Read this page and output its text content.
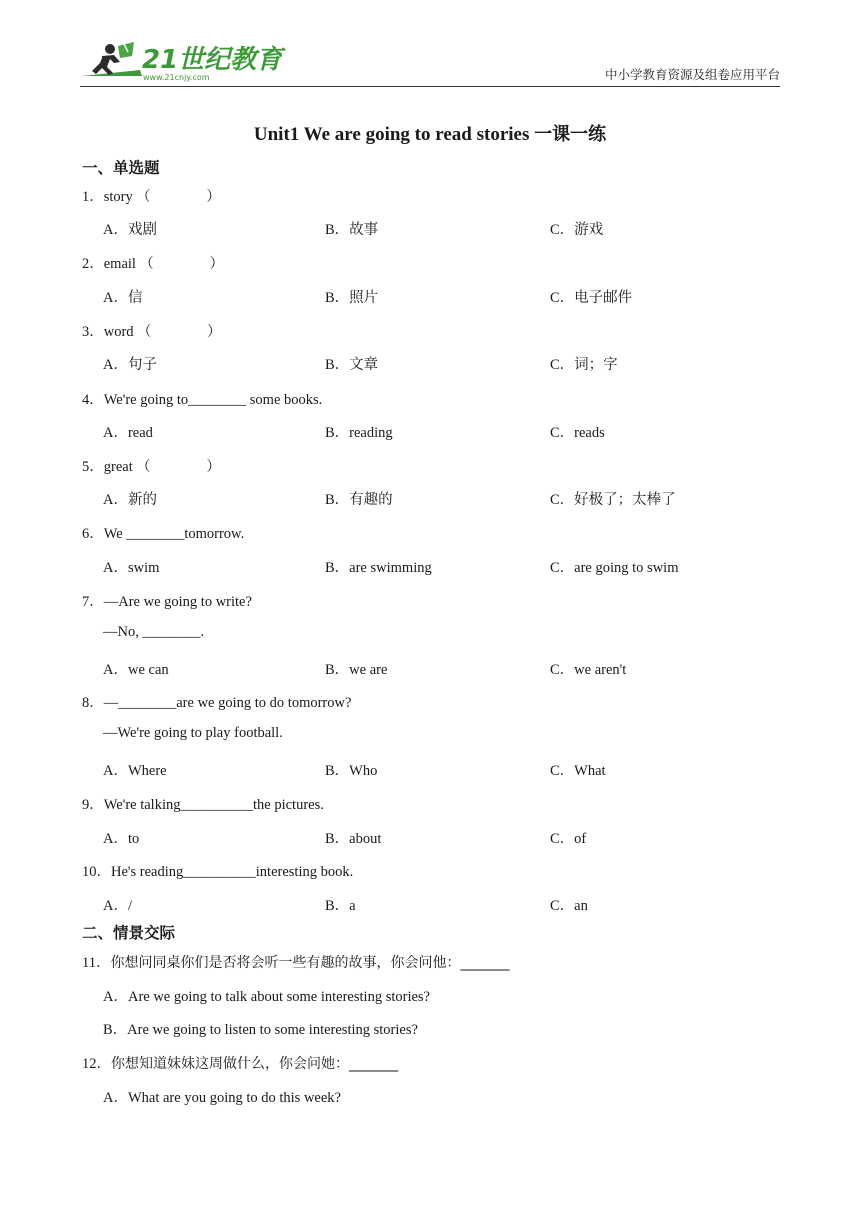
21世纪教育
www.21cnjy.com	中小学教育资源及组卷应用平台
Unit1 We are going to read stories 一课一练
一、单选题
1．story （　　　　）
A．戏剧	B．故事	C．游戏
2．email （　　　　）
A．信	B．照片	C．电子邮件
3．word （　　　　）
A．句子	B．文章	C．词；字
4．We're going to________ some books.
A．read	B．reading	C．reads
5．great （　　　　）
A．新的	B．有趣的	C．好极了；太棒了
6．We ________tomorrow.
A．swim	B．are swimming	C．are going to swim
7．—Are we going to write?
—No, ________.
A．we can	B．we are	C．we aren't
8．—________are we going to do tomorrow?
—We're going to play football.
A．Where	B．Who	C．What
9．We're talking__________the pictures.
A．to	B．about	C．of
10．He's reading__________interesting book.
A．/	B．a	C．an
二、情景交际
11．你想问同桌你们是否将会听一些有趣的故事，你会问他：_______
A．Are we going to talk about some interesting stories?
B．Are we going to listen to some interesting stories?
12．你想知道妹妹这周做什么，你会问她：_______
A．What are you going to do this week?
